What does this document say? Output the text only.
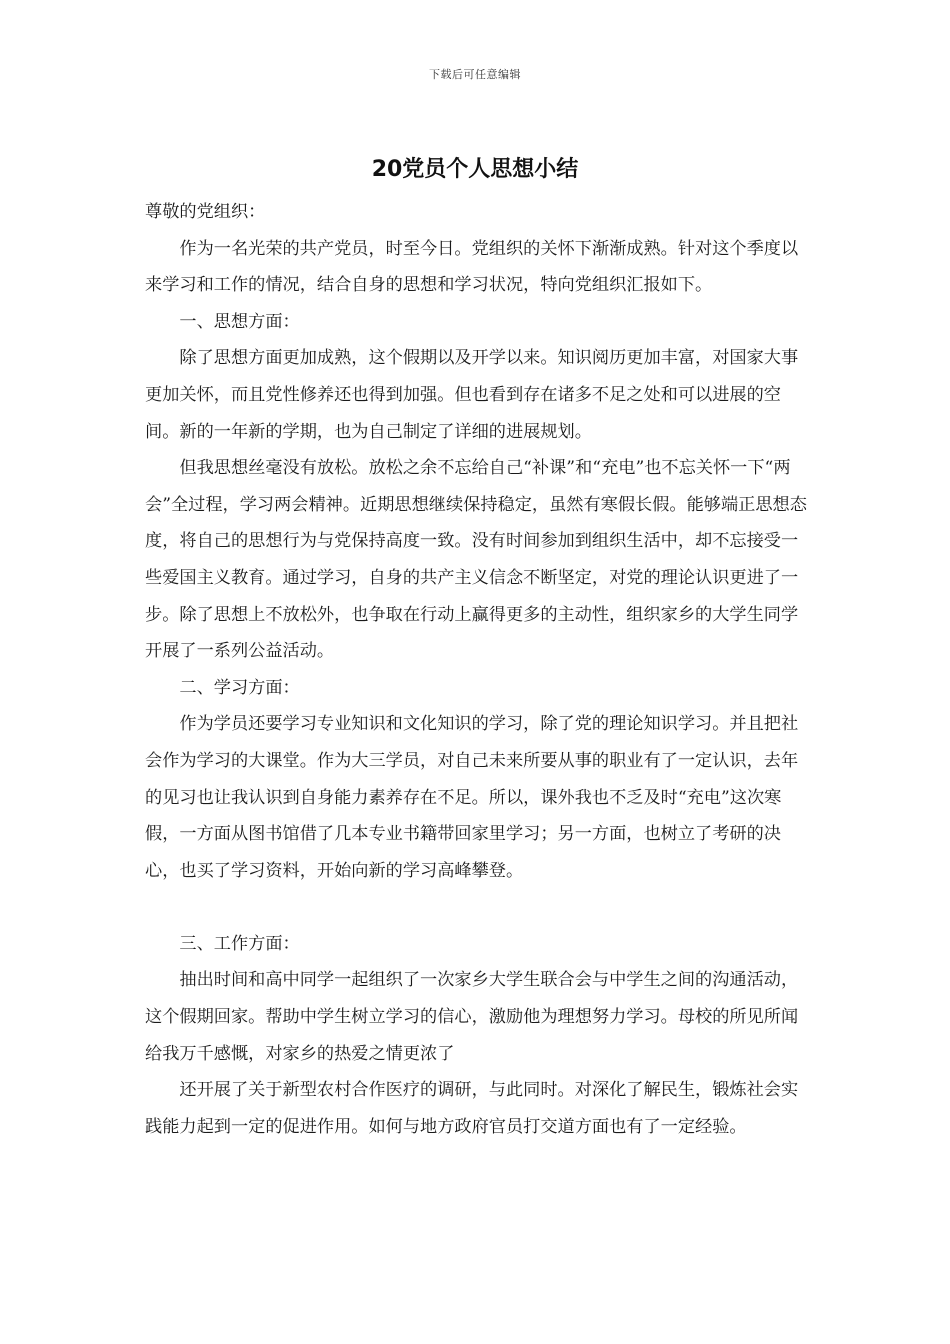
下载后可任意编辑
20党员个人思想小结

尊敬的党组织：

作为一名光荣的共产党员，时至今日。党组织的关怀下渐渐成熟。针对这个季度以来学习和工作的情况，结合自身的思想和学习状况，特向党组织汇报如下。

一、思想方面：

除了思想方面更加成熟，这个假期以及开学以来。知识阅历更加丰富，对国家大事更加关怀，而且党性修养还也得到加强。但也看到存在诸多不足之处和可以进展的空间。新的一年新的学期，也为自己制定了详细的进展规划。

但我思想丝毫没有放松。放松之余不忘给自己“补课”和“充电”也不忘关怀一下“两会”全过程，学习两会精神。近期思想继续保持稳定，虽然有寒假长假。能够端正思想态度，将自己的思想行为与党保持高度一致。没有时间参加到组织生活中，却不忘接受一些爱国主义教育。通过学习，自身的共产主义信念不断坚定，对党的理论认识更进了一步。除了思想上不放松外，也争取在行动上赢得更多的主动性，组织家乡的大学生同学开展了一系列公益活动。

二、学习方面：

作为学员还要学习专业知识和文化知识的学习，除了党的理论知识学习。并且把社会作为学习的大课堂。作为大三学员，对自己未来所要从事的职业有了一定认识，去年的见习也让我认识到自身能力素养存在不足。所以，课外我也不乏及时“充电”这次寒假，一方面从图书馆借了几本专业书籍带回家里学习；另一方面，也树立了考研的决心，也买了学习资料，开始向新的学习高峰攀登。

三、工作方面：

抽出时间和高中同学一起组织了一次家乡大学生联合会与中学生之间的沟通活动，这个假期回家。帮助中学生树立学习的信心，激励他为理想努力学习。母校的所见所闻给我万千感慨，对家乡的热爱之情更浓了

还开展了关于新型农村合作医疗的调研，与此同时。对深化了解民生，锻炼社会实践能力起到一定的促进作用。如何与地方政府官员打交道方面也有了一定经验。
